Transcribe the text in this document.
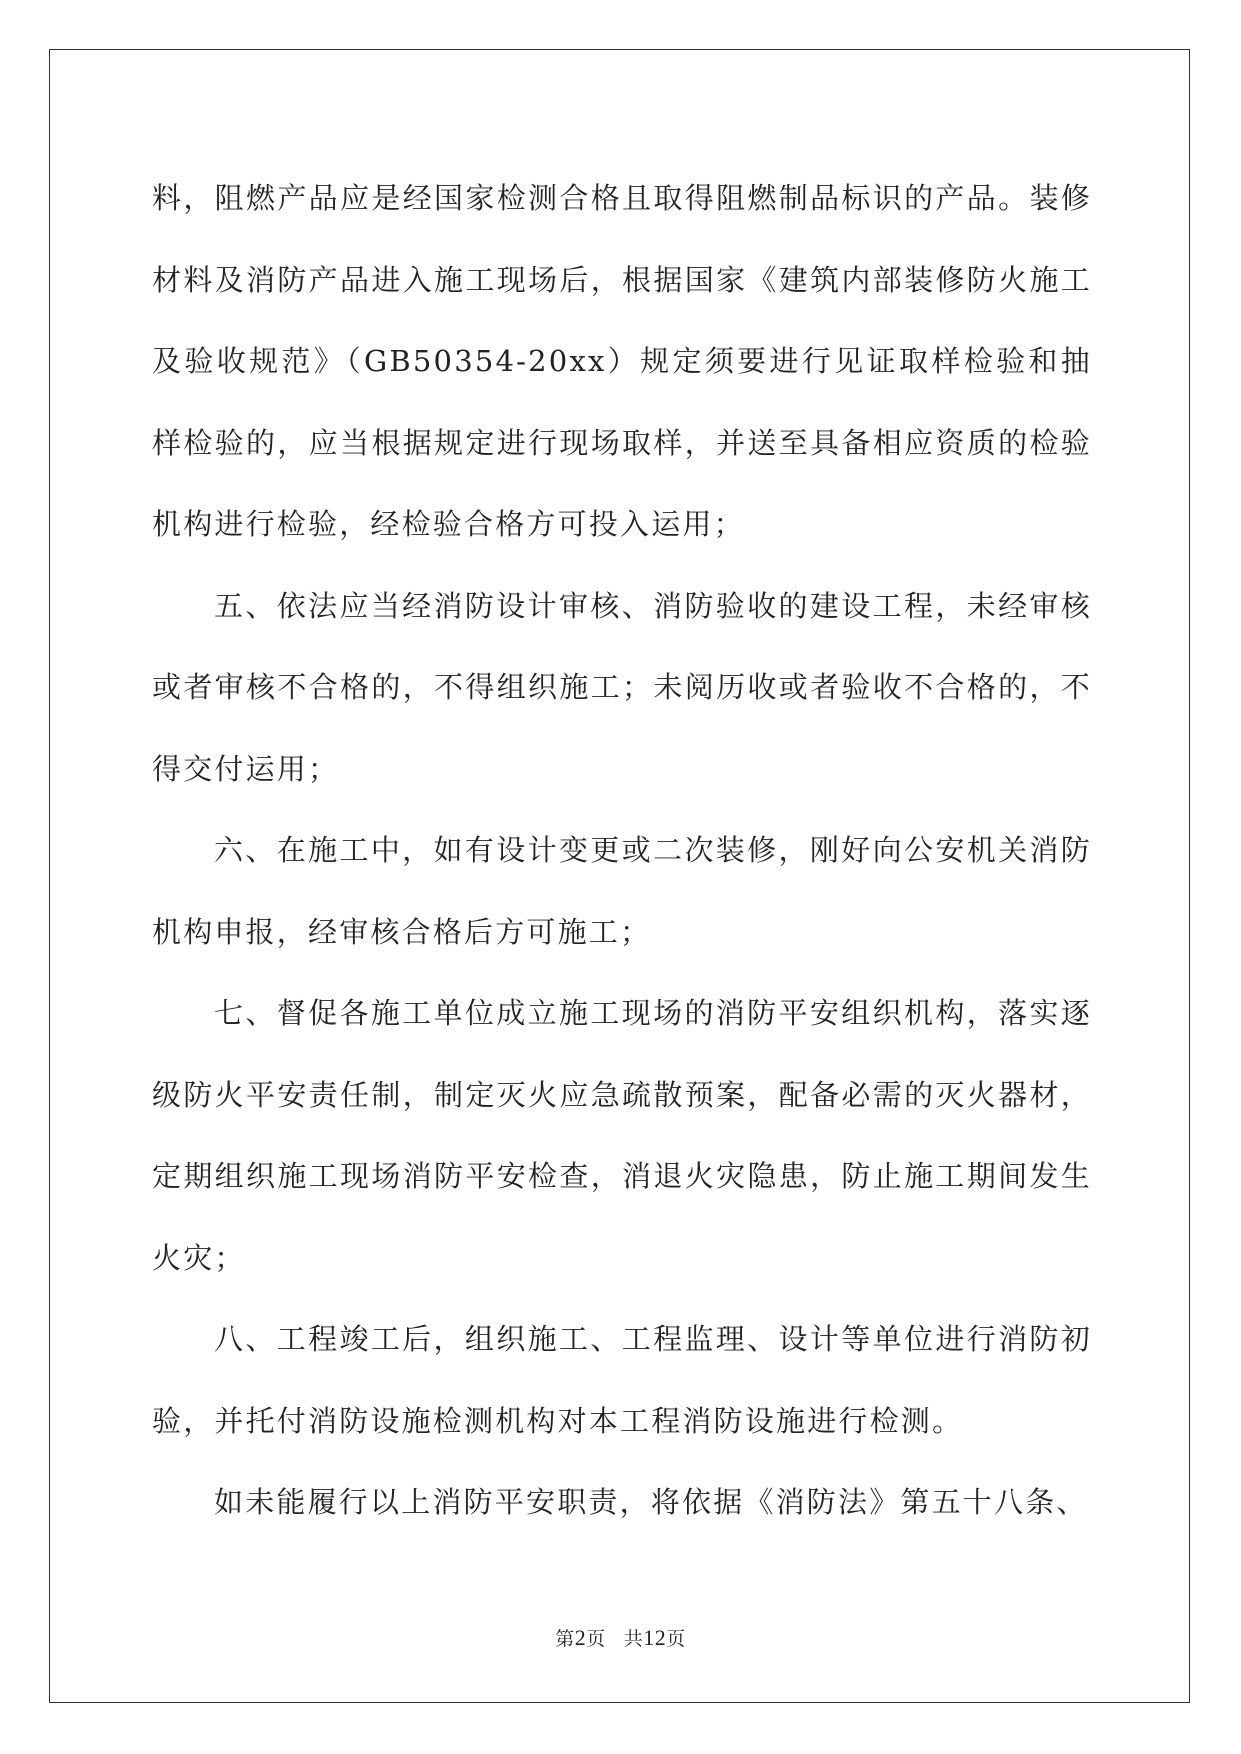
料，阻燃产品应是经国家检测合格且取得阻燃制品标识的产品。装修材料及消防产品进入施工现场后，根据国家《建筑内部装修防火施工及验收规范》（GB50354-20xx）规定须要进行见证取样检验和抽样检验的，应当根据规定进行现场取样，并送至具备相应资质的检验机构进行检验，经检验合格方可投入运用；

五、依法应当经消防设计审核、消防验收的建设工程，未经审核或者审核不合格的，不得组织施工；未阅历收或者验收不合格的，不得交付运用；

六、在施工中，如有设计变更或二次装修，刚好向公安机关消防机构申报，经审核合格后方可施工；

七、督促各施工单位成立施工现场的消防平安组织机构，落实逐级防火平安责任制，制定灭火应急疏散预案，配备必需的灭火器材，定期组织施工现场消防平安检查，消退火灾隐患，防止施工期间发生火灾；

八、工程竣工后，组织施工、工程监理、设计等单位进行消防初验，并托付消防设施检测机构对本工程消防设施进行检测。

如未能履行以上消防平安职责，将依据《消防法》第五十八条、

第2页 共12页
